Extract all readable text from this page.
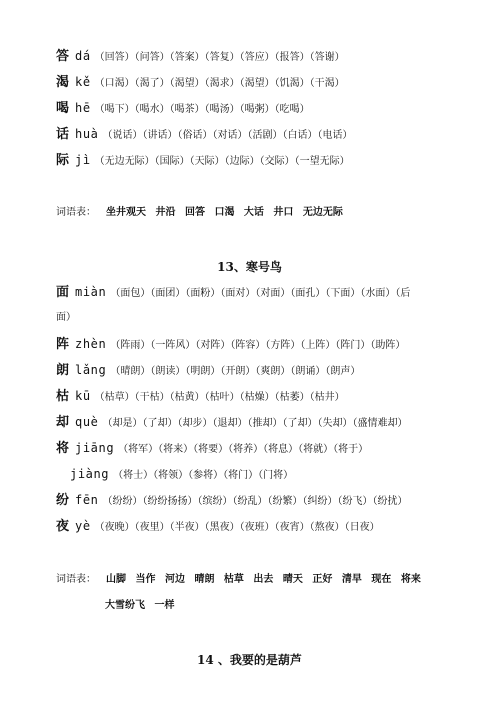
答 dá （回答）（问答）（答案）（答复）（答应）（报答）（答谢）
渴 kě （口渴）（渴了）（渴望）（渴求）（渴望）（饥渴）（干渴）
喝 hē （喝下）（喝水）（喝茶）（喝汤）（喝粥）（吃喝）
话 huà （说话）（讲话）（俗话）（对话）（活剧）（白话）（电话）
际 jì （无边无际）（国际）（天际）（边际）（交际）（一望无际）
词语表： 坐井观天 井沿 回答 口渴 大话 井口 无边无际
13、寒号鸟
面 miàn （面包）（面团）（面粉）（面对）（对面）（面孔）（下面）（水面）（后
面）
阵 zhèn （阵雨）（一阵风）（对阵）（阵容）（方阵）（上阵）（阵门）（助阵）
朗 lǎng （晴朗）（朗读）（明朗）（开朗）（爽朗）（朗诵）（朗声）
枯 kū （枯草）（干枯）（枯黄）（枯叶）（枯燥）（枯萎）（枯井）
却 què （却是）（了却）（却步）（退却）（推却）（了却）（失却）（盛情难却）
将 jiāng （将军）（将来）（将要）（将养）（将息）（将就）（将于）
jiàng （将士）（将领）（参将）（将门）（门将）
纷 fēn （纷纷）（纷纷扬扬）（缤纷）（纷乱）（纷繁）（纠纷）（纷飞）（纷扰）
夜 yè （夜晚）（夜里）（半夜）（黑夜）（夜班）（夜宵）（熬夜）（日夜）
词语表： 山脚 当作 河边 晴朗 枯草 出去 晴天 正好 清早 现在 将来
大雪纷飞 一样
14 、我要的是葫芦
